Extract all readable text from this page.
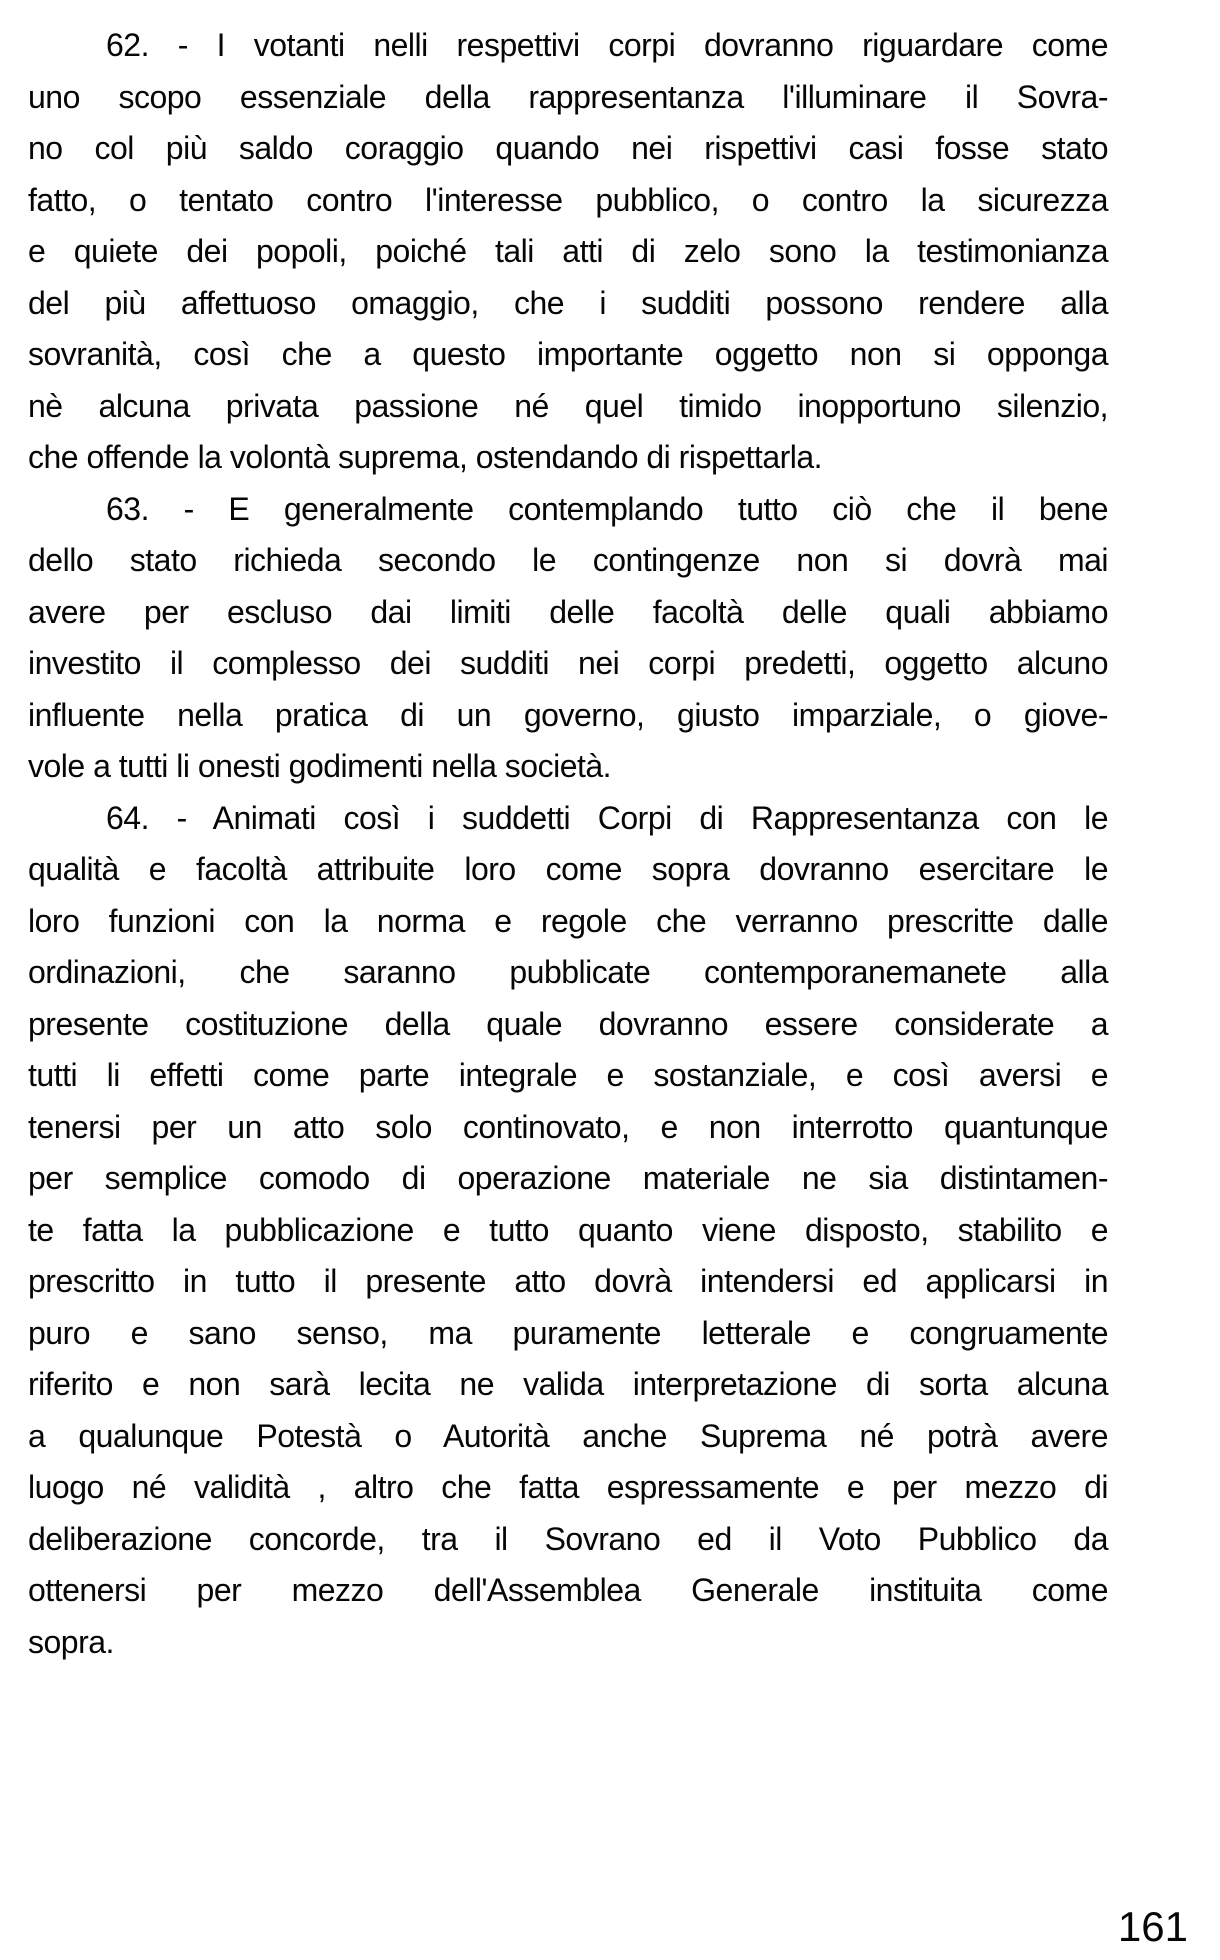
62. - I votanti nelli respettivi corpi dovranno riguardare come
uno scopo essenziale della rappresentanza l'illuminare il Sovra-
no col più saldo coraggio quando nei rispettivi casi fosse stato
fatto, o tentato contro l'interesse pubblico, o contro la sicurezza
e quiete dei popoli, poiché tali atti di zelo sono la testimonianza
del più affettuoso omaggio, che i sudditi possono rendere alla
sovranità, così che a questo importante oggetto non si opponga
nè alcuna privata passione né quel timido inopportuno silenzio,
che offende la volontà suprema, ostendando di rispettarla.
63. - E generalmente contemplando tutto ciò che il bene
dello stato richieda secondo le contingenze non si dovrà mai
avere per escluso dai limiti delle facoltà delle quali abbiamo
investito il complesso dei sudditi nei corpi predetti, oggetto alcuno
influente nella pratica di un governo, giusto imparziale, o giove-
vole a tutti li onesti godimenti nella società.
64. - Animati così i suddetti Corpi di Rappresentanza con le
qualità e facoltà attribuite loro come sopra dovranno esercitare le
loro funzioni con la norma e regole che verranno prescritte dalle
ordinazioni, che saranno pubblicate contemporanemanete alla
presente costituzione della quale dovranno essere considerate a
tutti li effetti come parte integrale e sostanziale, e così aversi e
tenersi per un atto solo continovato, e non interrotto quantunque
per semplice comodo di operazione materiale ne sia distintamen-
te fatta la pubblicazione e tutto quanto viene disposto, stabilito e
prescritto in tutto il presente atto dovrà intendersi ed applicarsi in
puro e sano senso, ma puramente letterale e congruamente
riferito e non sarà lecita ne valida interpretazione di sorta alcuna
a qualunque Potestà o Autorità anche Suprema né potrà avere
luogo né validità , altro che fatta espressamente e per mezzo di
deliberazione concorde, tra il Sovrano ed il Voto Pubblico da
ottenersi per mezzo dell'Assemblea Generale instituita come
sopra.
161
